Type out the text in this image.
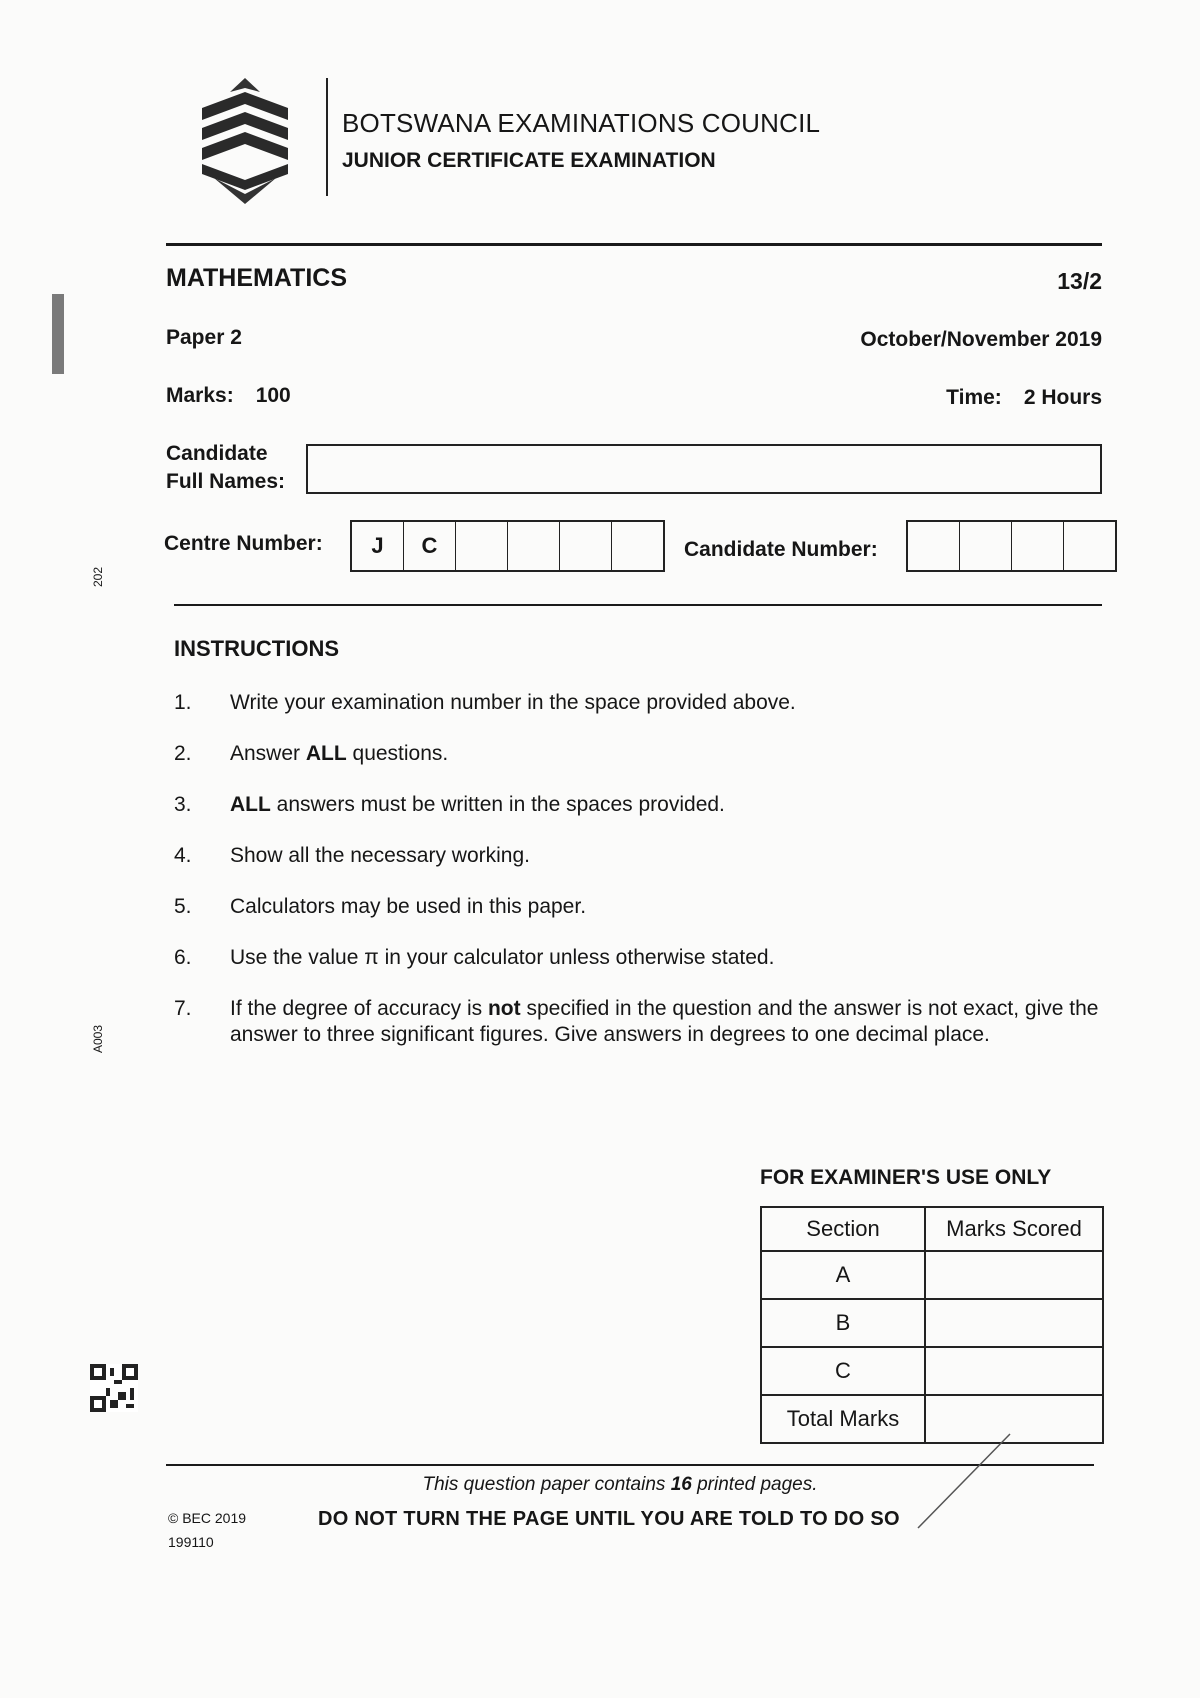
BOTSWANA EXAMINATIONS COUNCIL
JUNIOR CERTIFICATE EXAMINATION
MATHEMATICS	13/2
Paper 2	October/November 2019
Marks: 100	Time: 2 Hours
Candidate
Full Names:
Centre Number:	J	C	Candidate Number:
202
INSTRUCTIONS
1.	Write your examination number in the space provided above.
2.	Answer ALL questions.
3.	ALL answers must be written in the spaces provided.
4.	Show all the necessary working.
5.	Calculators may be used in this paper.
6.	Use the value π in your calculator unless otherwise stated.
7.	If the degree of accuracy is not specified in the question and the answer is not exact, give the answer to three significant figures. Give answers in degrees to one decimal place.
A003
FOR EXAMINER'S USE ONLY
Section	Marks Scored
A	
B	
C	
Total Marks	
This question paper contains 16 printed pages.
© BEC 2019
199110
DO NOT TURN THE PAGE UNTIL YOU ARE TOLD TO DO SO
